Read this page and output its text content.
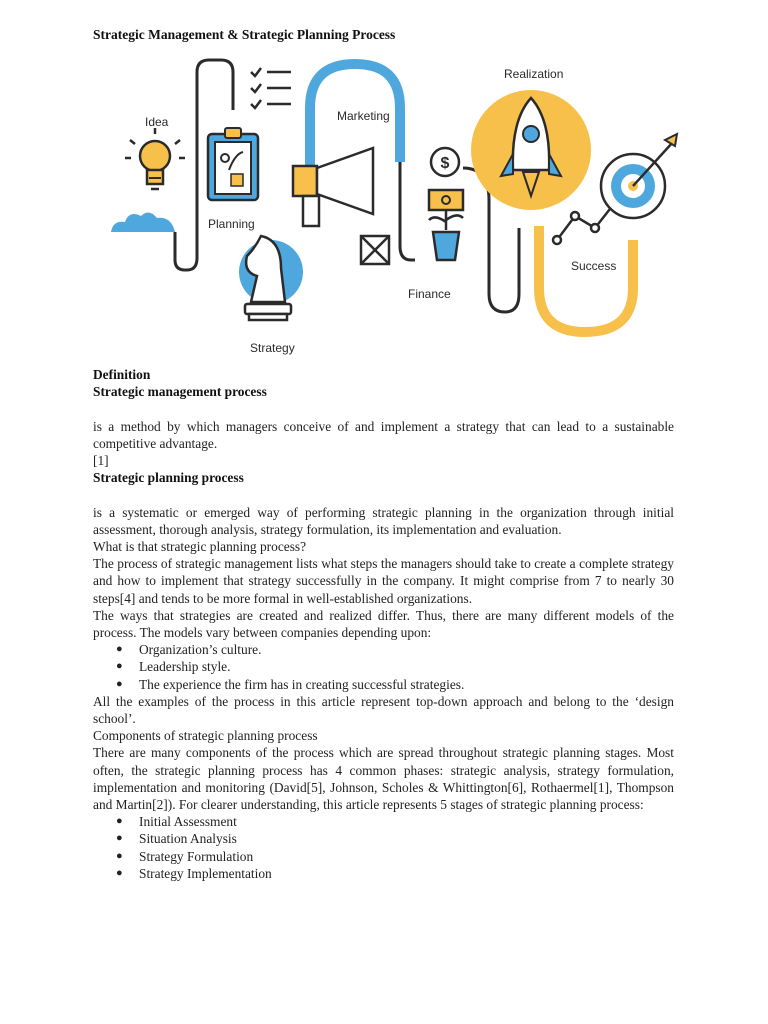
Strategic Management & Strategic Planning Process
$
Idea
Planning
Strategy
Marketing
Finance
Realization
Success

Definition

Strategic management process

is a method by which managers conceive of and implement a strategy that can lead to a sustainable competitive advantage.

[1]

Strategic planning process

is a systematic or emerged way of performing strategic planning in the organization through initial assessment, thorough analysis, strategy formulation, its implementation and evaluation.

What is that strategic planning process?

The process of strategic management lists what steps the managers should take to create a complete strategy and how to implement that strategy successfully in the company. It might comprise from 7 to nearly 30 steps[4] and tends to be more formal in well-established organizations.

The ways that strategies are created and realized differ. Thus, there are many different models of the process. The models vary between companies depending upon:

● Organization’s culture.
● Leadership style.
● The experience the firm has in creating successful strategies.

All the examples of the process in this article represent top-down approach and belong to the ‘design school’.

Components of strategic planning process

There are many components of the process which are spread throughout strategic planning stages. Most often, the strategic planning process has 4 common phases: strategic analysis, strategy formulation, implementation and monitoring (David[5], Johnson, Scholes & Whittington[6], Rothaermel[1], Thompson and Martin[2]). For clearer understanding, this article represents 5 stages of strategic planning process:

● Initial Assessment
● Situation Analysis
● Strategy Formulation
● Strategy Implementation
